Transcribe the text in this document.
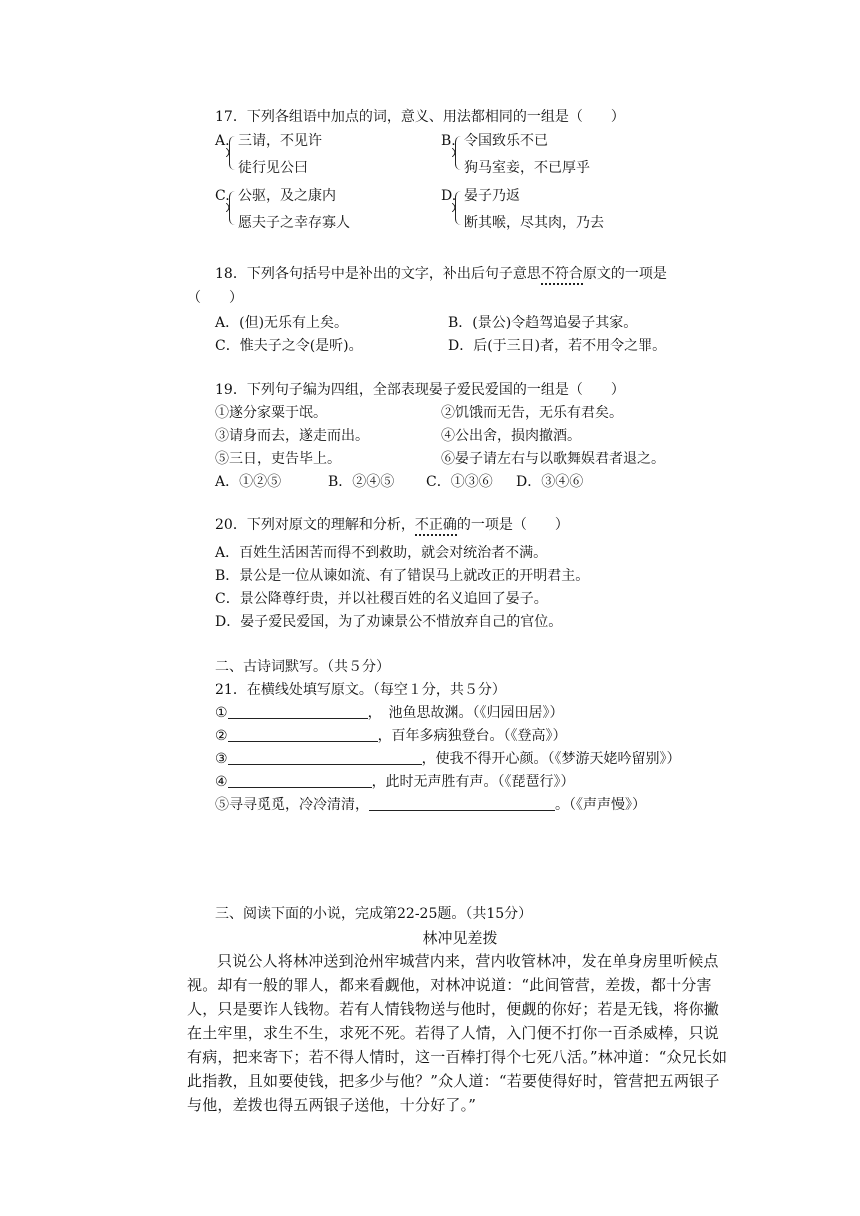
17．下列各组语中加点的词，意义、用法都相同的一组是（　　）
A. 三请，不见许
徒行见公曰
B. 令国致乐不已
狗马室妾，不已厚乎
C. 公驱，及之康内
愿夫子之幸存寡人
D. 晏子乃返
断其喉，尽其肉，乃去
18．下列各句括号中是补出的文字，补出后句子意思不符合原文的一项是
（　　）
A．(但)无乐有上矣。	B．(景公)令趋驾追晏子其家。
C．惟夫子之令(是听)。	D．后(于三日)者，若不用令之罪。
19．下列句子编为四组，全部表现晏子爱民爱国的一组是（　　）
①遂分家粟于氓。	②饥饿而无告，无乐有君矣。
③请身而去，遂走而出。	④公出舍，损肉撤酒。
⑤三日，吏告毕上。	⑥晏子请左右与以歌舞娱君者退之。
A．①②⑤	B．②④⑤ C．①③⑥ D．③④⑥
20．下列对原文的理解和分析，不正确的一项是（　　）
A．百姓生活困苦而得不到救助，就会对统治者不满。
B．景公是一位从谏如流、有了错误马上就改正的开明君主。
C．景公降尊纡贵，并以社稷百姓的名义追回了晏子。
D．晏子爱民爱国，为了劝谏景公不惜放弃自己的官位。
二、古诗词默写。（共５分）
21．在横线处填写原文。（每空１分，共５分）
①	，　池鱼思故渊。（《归园田居》）
②	，百年多病独登台。（《登高》）
③	，使我不得开心颜。（《梦游天姥吟留别》）
④	，此时无声胜有声。（《琵琶行》）
⑤寻寻觅觅，冷冷清清，	。（《声声慢》）
三、阅读下面的小说，完成第22-25题。（共15分）
林冲见差拨
只说公人将林冲送到沧州牢城营内来，营内收管林冲，发在单身房里听候点视。却有一般的罪人，都来看觑他，对林冲说道：“此间管营，差拨，都十分害人，只是要诈人钱物。若有人情钱物送与他时，便觑的你好；若是无钱，将你撇在土牢里，求生不生，求死不死。若得了人情，入门便不打你一百杀威棒，只说有病，把来寄下；若不得人情时，这一百棒打得个七死八活。”林冲道：“众兄长如此指教，且如要使钱，把多少与他？”众人道：“若要使得好时，管营把五两银子与他，差拨也得五两银子送他，十分好了。”
